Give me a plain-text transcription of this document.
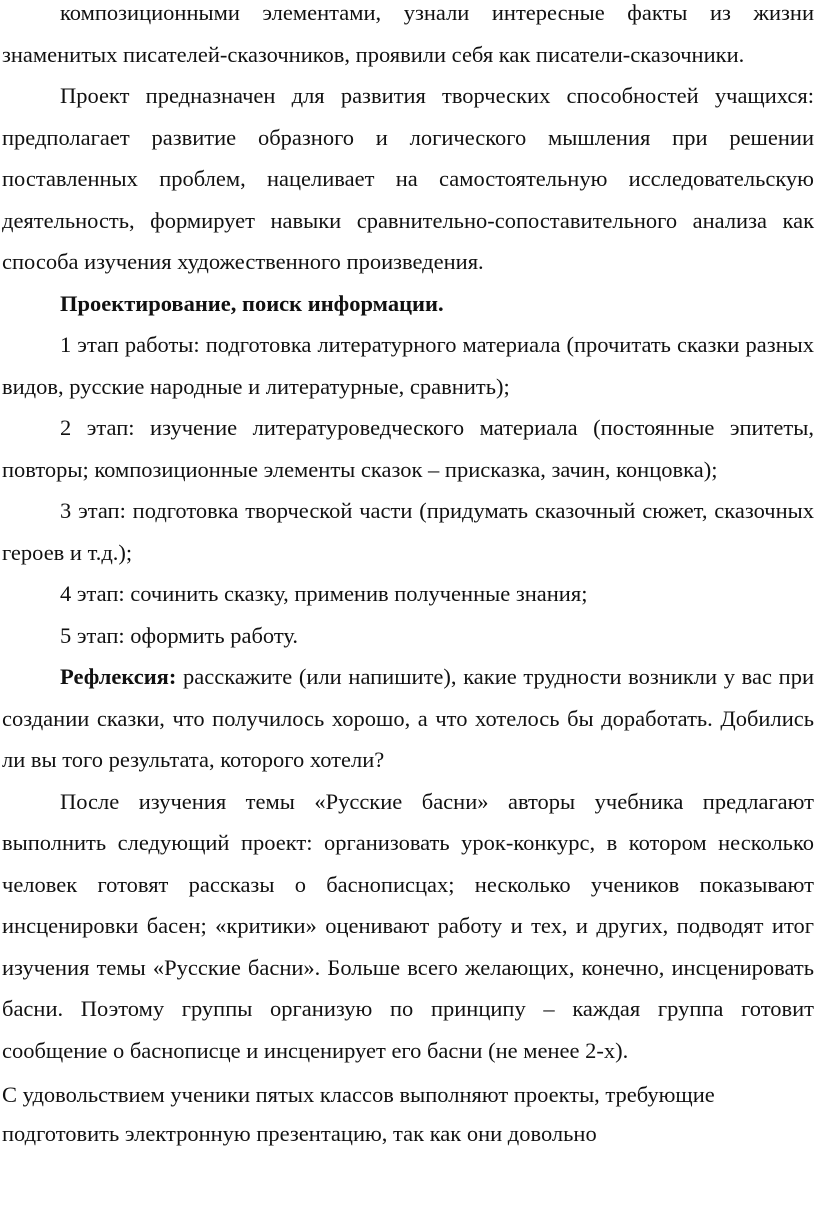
композиционными элементами, узнали интересные факты из жизни знаменитых писателей-сказочников, проявили себя как писатели-сказочники.

Проект предназначен для развития творческих способностей учащихся: предполагает развитие образного и логического мышления при решении поставленных проблем, нацеливает на самостоятельную исследовательскую деятельность, формирует навыки сравнительно-сопоставительного анализа как способа изучения художественного произведения.

Проектирование, поиск информации.

1 этап работы: подготовка литературного материала (прочитать сказки разных видов, русские народные и литературные, сравнить);

2 этап: изучение литературоведческого материала (постоянные эпитеты, повторы; композиционные элементы сказок – присказка, зачин, концовка);

3 этап: подготовка творческой части (придумать сказочный сюжет, сказочных героев и т.д.);

4 этап: сочинить сказку, применив полученные знания;

5 этап: оформить работу.

Рефлексия: расскажите (или напишите), какие трудности возникли у вас при создании сказки, что получилось хорошо, а что хотелось бы доработать. Добились ли вы того результата, которого хотели?

После изучения темы «Русские басни» авторы учебника предлагают выполнить следующий проект: организовать урок-конкурс, в котором несколько человек готовят рассказы о баснописцах; несколько учеников показывают инсценировки басен; «критики» оценивают работу и тех, и других, подводят итог изучения темы «Русские басни». Больше всего желающих, конечно, инсценировать басни. Поэтому группы организую по принципу – каждая группа готовит сообщение о баснописце и инсценирует его басни (не менее 2-х).

С удовольствием ученики пятых классов выполняют проекты, требующие подготовить электронную презентацию, так как они довольно
